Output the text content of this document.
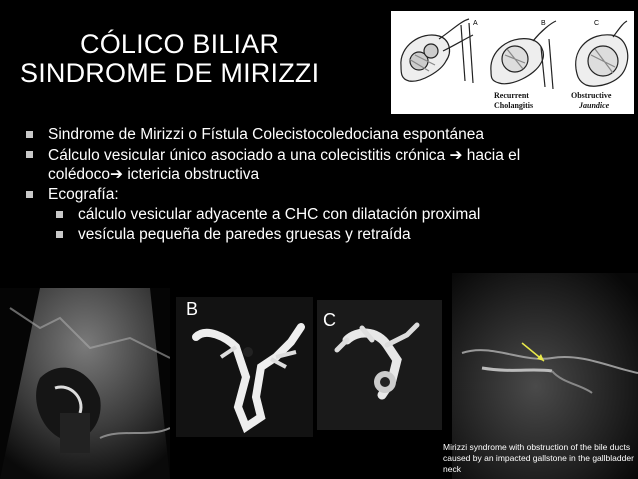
CÓLICO BILIAR
SINDROME DE MIRIZZI
A	B	C
Recurrent
Cholangitis
Obstructive
Jaundice
Sindrome de Mirizzi o Fístula Colecistocoledociana espontánea
Cálculo vesicular único asociado a una colecistitis crónica ➔ hacia el
colédoco➔ ictericia obstructiva
Ecografía:
cálculo vesicular adyacente a CHC con dilatación proximal
vesícula pequeña de paredes gruesas y retraída
B
C
Mirizzi syndrome with obstruction of the bile ducts caused by an impacted gallstone in the gallbladder neck
